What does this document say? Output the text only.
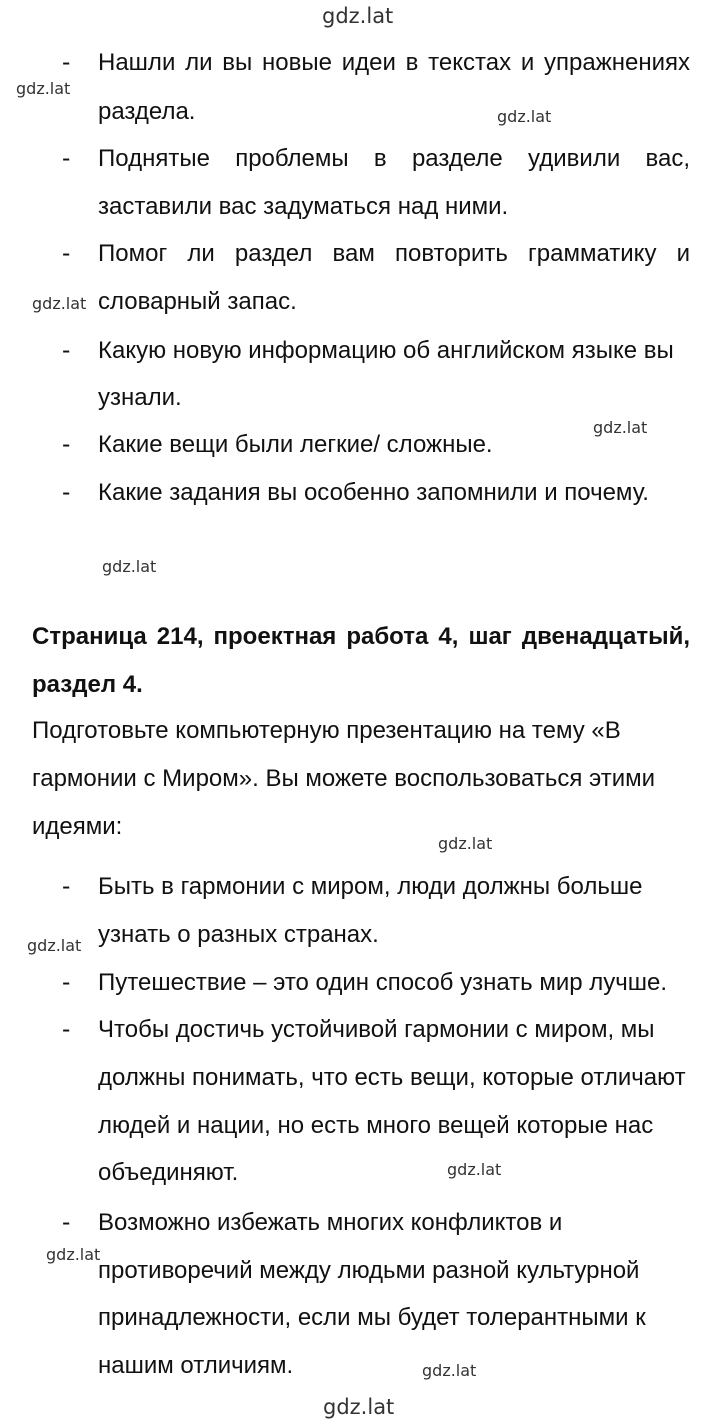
gdz.lat
gdz.lat
gdz.lat
gdz.lat
gdz.lat
gdz.lat
gdz.lat
gdz.lat
gdz.lat
gdz.lat
gdz.lat
gdz.lat
- Нашли ли вы новые идеи в текстах и упражнениях
раздела.
- Поднятые проблемы в разделе удивили вас,
заставили вас задуматься над ними.
- Помог ли раздел вам повторить грамматику и
словарный запас.
- Какую новую информацию об английском языке вы
узнали.
- Какие вещи были легкие/ сложные.
- Какие задания вы особенно запомнили и почему.
Страница 214, проектная работа 4, шаг двенадцатый,
раздел 4.
Подготовьте компьютерную презентацию на тему «В
гармонии с Миром». Вы можете воспользоваться этими
идеями:
- Быть в гармонии с миром, люди должны больше
узнать о разных странах.
- Путешествие – это один способ узнать мир лучше.
- Чтобы достичь устойчивой гармонии с миром, мы
должны понимать, что есть вещи, которые отличают
людей и нации, но есть много вещей которые нас
объединяют.
- Возможно избежать многих конфликтов и
противоречий между людьми разной культурной
принадлежности, если мы будет толерантными к
нашим отличиям.
